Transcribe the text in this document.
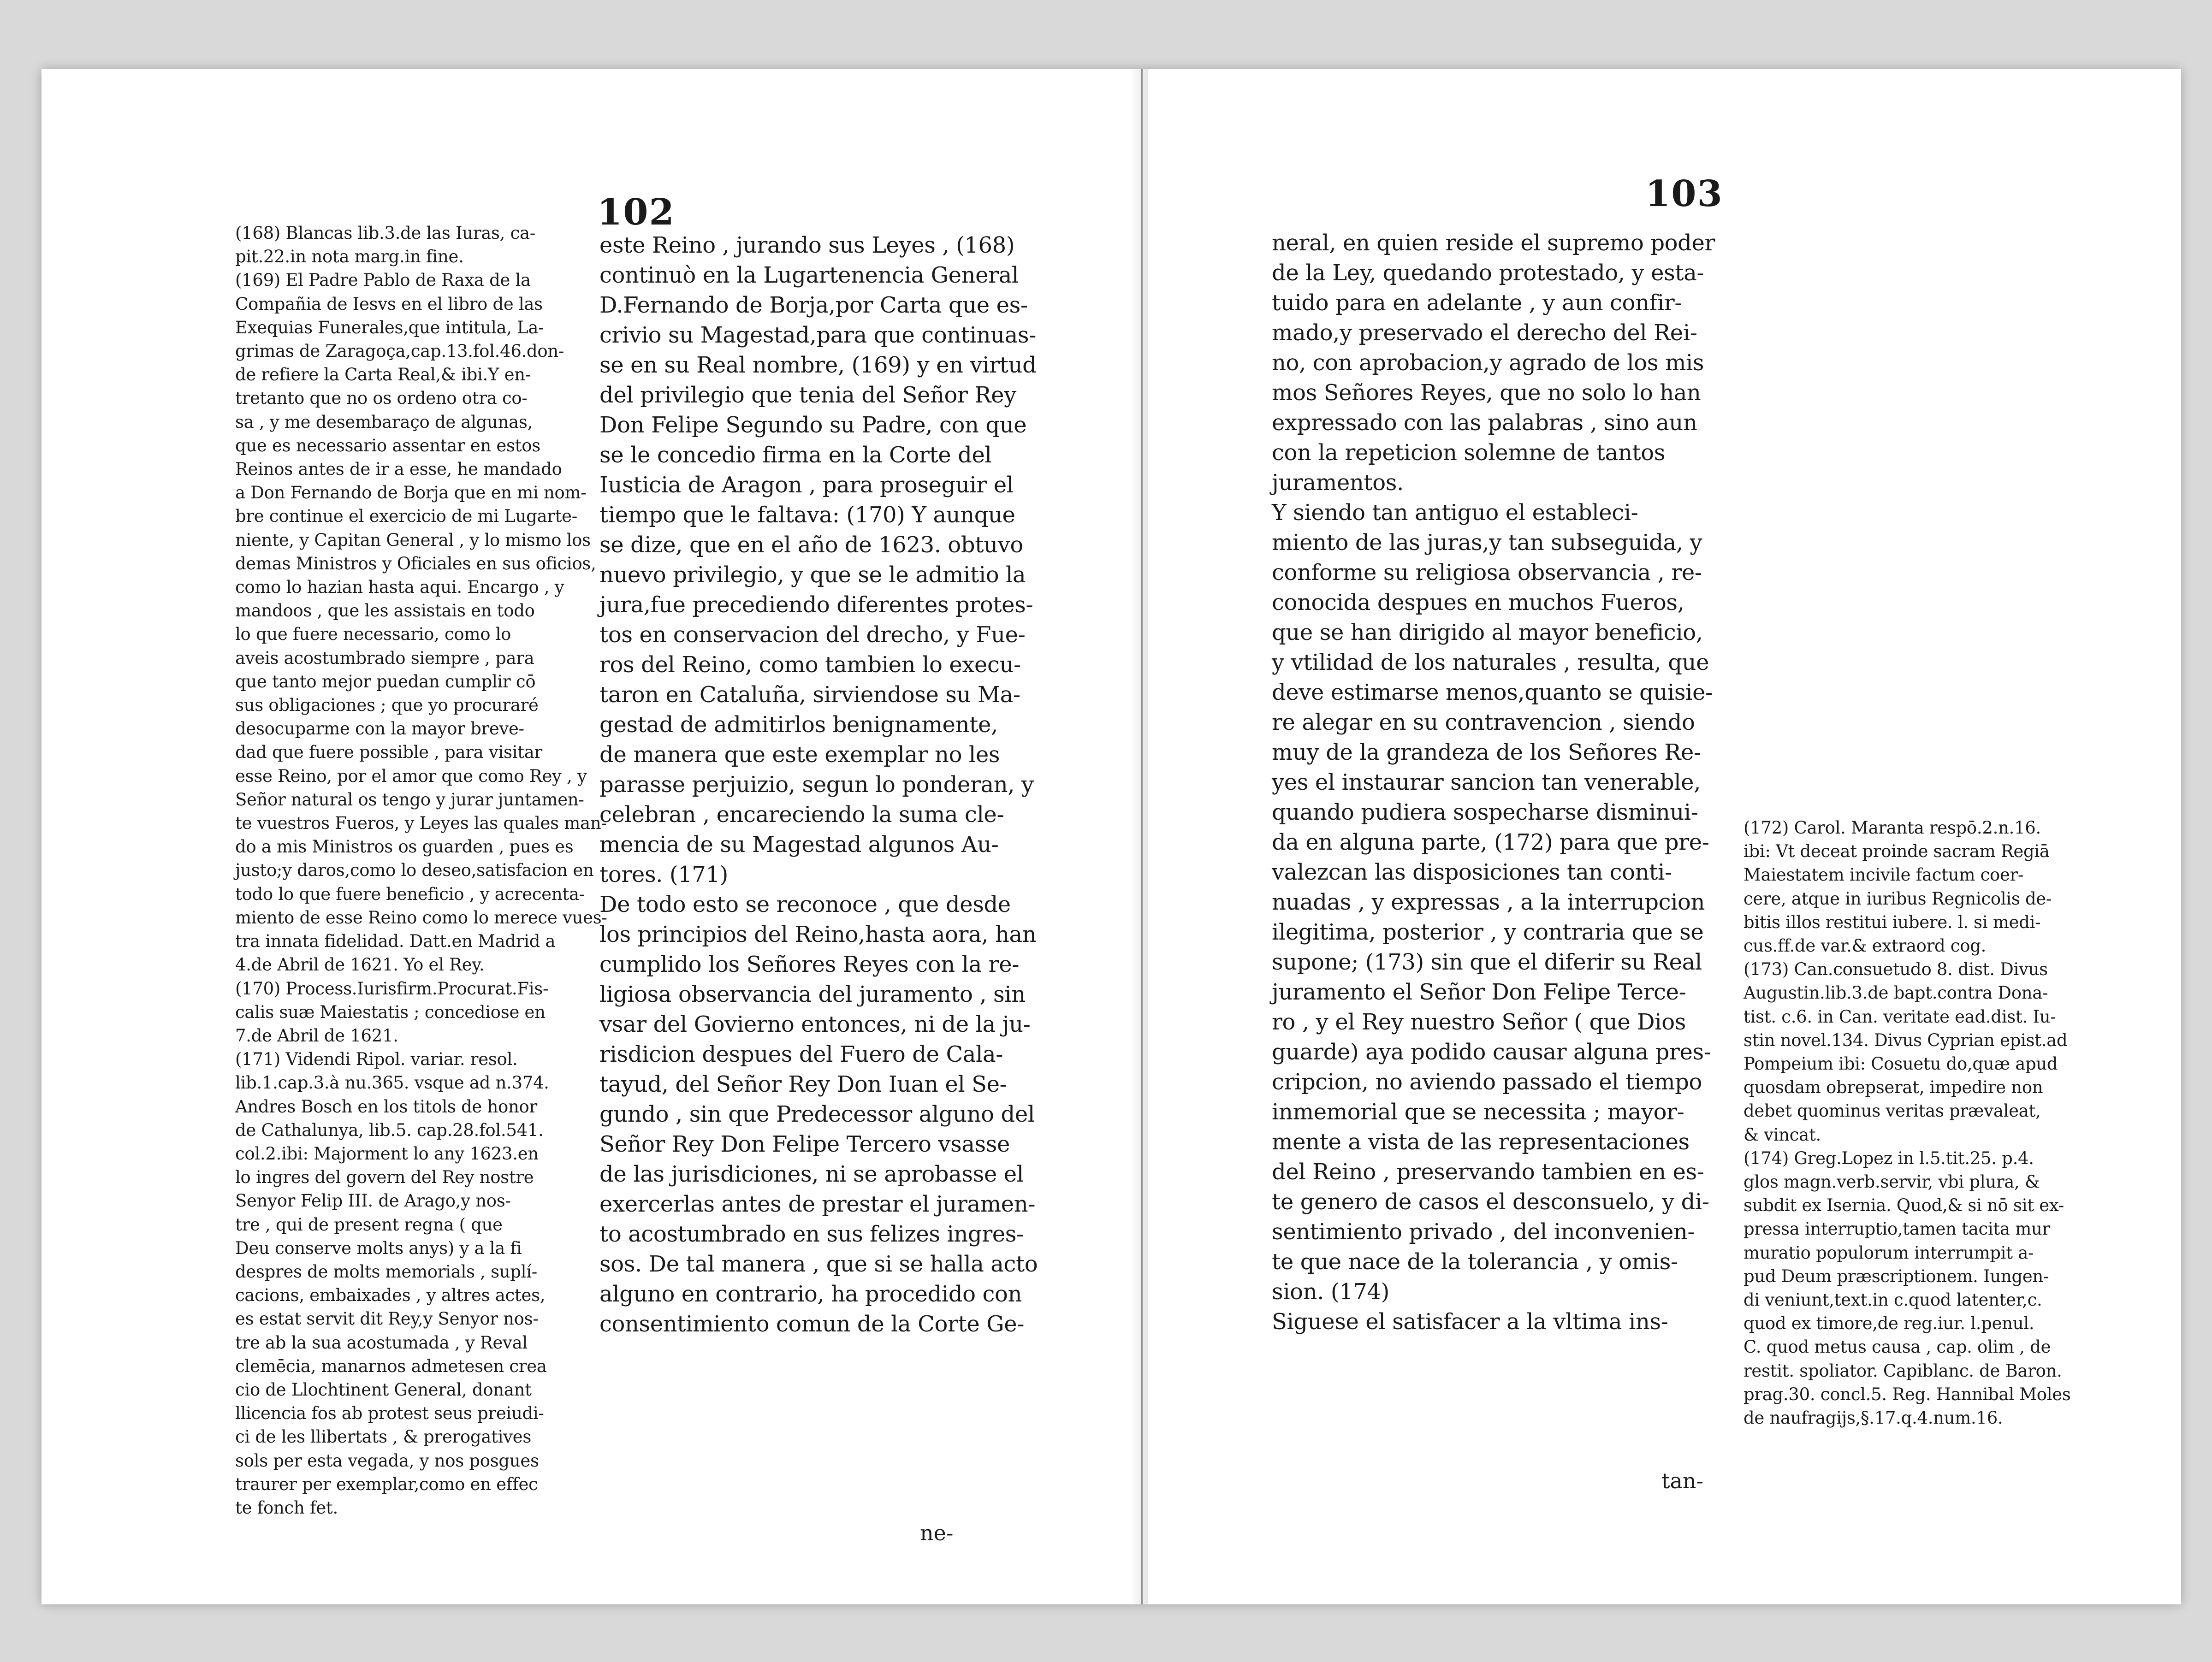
102
(168) Blancas lib.3.de las Iuras, ca-
pit.22.in nota marg.in fine.
(169) El Padre Pablo de Raxa de la
Compañia de Iesvs en el libro de las
Exequias Funerales,que intitula, La-
grimas de Zaragoça,cap.13.fol.46.don-
de refiere la Carta Real,& ibi.Y en-
tretanto que no os ordeno otra co-
sa , y me desembaraço de algunas,
que es necessario assentar en estos
Reinos antes de ir a esse, he mandado
a Don Fernando de Borja que en mi nom-
bre continue el exercicio de mi Lugarte-
niente, y Capitan General , y lo mismo los
demas Ministros y Oficiales en sus oficios,
como lo hazian hasta aqui. Encargo , y
mandoos , que les assistais en todo
lo que fuere necessario, como lo
aveis acostumbrado siempre , para
que tanto mejor puedan cumplir cō
sus obligaciones ; que yo procuraré
desocuparme con la mayor breve-
dad que fuere possible , para visitar
esse Reino, por el amor que como Rey , y
Señor natural os tengo y jurar juntamen-
te vuestros Fueros, y Leyes las quales man-
do a mis Ministros os guarden , pues es
justo;y daros,como lo deseo,satisfacion en
todo lo que fuere beneficio , y acrecenta-
miento de esse Reino como lo merece vues-
tra innata fidelidad. Datt.en Madrid a
4.de Abril de 1621. Yo el Rey.
(170) Process.Iurisfirm.Procurat.Fis-
calis suæ Maiestatis ; concediose en
7.de Abril de 1621.
(171) Videndi Ripol. variar. resol.
lib.1.cap.3.à nu.365. vsque ad n.374.
Andres Bosch en los titols de honor
de Cathalunya, lib.5. cap.28.fol.541.
col.2.ibi: Majorment lo any 1623.en
lo ingres del govern del Rey nostre
Senyor Felip III. de Arago,y nos-
tre , qui de present regna ( que
Deu conserve molts anys) y a la fi
despres de molts memorials , suplí-
cacions, embaixades , y altres actes,
es estat servit dit Rey,y Senyor nos-
tre ab la sua acostumada , y Reval
clemēcia, manarnos admetesen crea
cio de Llochtinent General, donant
llicencia fos ab protest seus preiudi-
ci de les llibertats , & prerogatives
sols per esta vegada, y nos posgues
traurer per exemplar,como en effec
te fonch fet.
este Reino , jurando sus Leyes , (168)
continuò en la Lugartenencia General
D.Fernando de Borja,por Carta que es-
crivio su Magestad,para que continuas-
se en su Real nombre, (169) y en virtud
del privilegio que tenia del Señor Rey
Don Felipe Segundo su Padre, con que
se le concedio firma en la Corte del
Iusticia de Aragon , para proseguir el
tiempo que le faltava: (170) Y aunque
se dize, que en el año de 1623. obtuvo
nuevo privilegio, y que se le admitio la
jura,fue precediendo diferentes protes-
tos en conservacion del drecho, y Fue-
ros del Reino, como tambien lo execu-
taron en Cataluña, sirviendose su Ma-
gestad de admitirlos benignamente,
de manera que este exemplar no les
parasse perjuizio, segun lo ponderan, y
celebran , encareciendo la suma cle-
mencia de su Magestad algunos Au-
tores. (171)
De todo esto se reconoce , que desde
los principios del Reino,hasta aora, han
cumplido los Señores Reyes con la re-
ligiosa observancia del juramento , sin
vsar del Govierno entonces, ni de la ju-
risdicion despues del Fuero de Cala-
tayud, del Señor Rey Don Iuan el Se-
gundo , sin que Predecessor alguno del
Señor Rey Don Felipe Tercero vsasse
de las jurisdiciones, ni se aprobasse el
exercerlas antes de prestar el juramen-
to acostumbrado en sus felizes ingres-
sos. De tal manera , que si se halla acto
alguno en contrario, ha procedido con
consentimiento comun de la Corte Ge-
ne-
103
neral, en quien reside el supremo poder
de la Ley, quedando protestado, y esta-
tuido para en adelante , y aun confir-
mado,y preservado el derecho del Rei-
no, con aprobacion,y agrado de los mis
mos Señores Reyes, que no solo lo han
expressado con las palabras , sino aun
con la repeticion solemne de tantos
juramentos.
Y siendo tan antiguo el estableci-
miento de las juras,y tan subseguida, y
conforme su religiosa observancia , re-
conocida despues en muchos Fueros,
que se han dirigido al mayor beneficio,
y vtilidad de los naturales , resulta, que
deve estimarse menos,quanto se quisie-
re alegar en su contravencion , siendo
muy de la grandeza de los Señores Re-
yes el instaurar sancion tan venerable,
quando pudiera sospecharse disminui-
da en alguna parte, (172) para que pre-
valezcan las disposiciones tan conti-
nuadas , y expressas , a la interrupcion
ilegitima, posterior , y contraria que se
supone; (173) sin que el diferir su Real
juramento el Señor Don Felipe Terce-
ro , y el Rey nuestro Señor ( que Dios
guarde) aya podido causar alguna pres-
cripcion, no aviendo passado el tiempo
inmemorial que se necessita ; mayor-
mente a vista de las representaciones
del Reino , preservando tambien en es-
te genero de casos el desconsuelo, y di-
sentimiento privado , del inconvenien-
te que nace de la tolerancia , y omis-
sion. (174)
Siguese el satisfacer a la vltima ins-
(172) Carol. Maranta respō.2.n.16.
ibi: Vt deceat proinde sacram Regiā
Maiestatem incivile factum coer-
cere, atque in iuribus Regnicolis de-
bitis illos restitui iubere. l. si medi-
cus.ff.de var.& extraord cog.
(173) Can.consuetudo 8. dist. Divus
Augustin.lib.3.de bapt.contra Dona-
tist. c.6. in Can. veritate ead.dist. Iu-
stin novel.134. Divus Cyprian epist.ad
Pompeium ibi: Cosuetu do,quæ apud
quosdam obrepserat, impedire non
debet quominus veritas prævaleat,
& vincat.
(174) Greg.Lopez in l.5.tit.25. p.4.
glos magn.verb.servir, vbi plura, &
subdit ex Isernia. Quod,& si nō sit ex-
pressa interruptio,tamen tacita mur
muratio populorum interrumpit a-
pud Deum præscriptionem. Iungen-
di veniunt,text.in c.quod latenter,c.
quod ex timore,de reg.iur. l.penul.
C. quod metus causa , cap. olim , de
restit. spoliator. Capiblanc. de Baron.
prag.30. concl.5. Reg. Hannibal Moles
de naufragijs,§.17.q.4.num.16.
tan-
